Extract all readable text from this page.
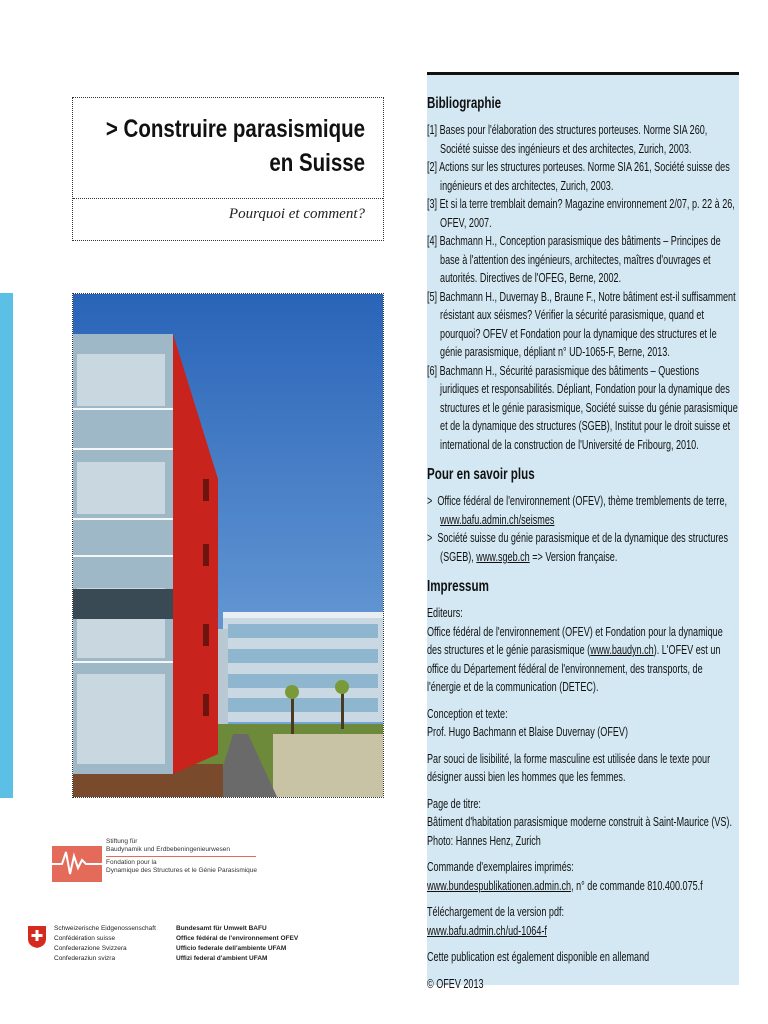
> Construire parasismique
en Suisse
Pourquoi et comment?
Stiftung für
Baudynamik und Erdbebeningenieurwesen
Fondation pour la
Dynamique des Structures et le Génie Parasismique
Schweizerische Eidgenossenschaft
Confédération suisse
Confederazione Svizzera
Confederaziun svizra
Bundesamt für Umwelt BAFU
Office fédéral de l'environnement OFEV
Ufficio federale dell'ambiente UFAM
Uffizi federal d'ambient UFAM
Bibliographie
[1] Bases pour l'élaboration des structures porteuses. Norme SIA 260, Société suisse des ingénieurs et des architectes, Zurich, 2003.
[2] Actions sur les structures porteuses. Norme SIA 261, Société suisse des ingénieurs et des architectes, Zurich, 2003.
[3] Et si la terre tremblait demain? Magazine environnement 2/07, p. 22 à 26, OFEV, 2007.
[4] Bachmann H., Conception parasismique des bâtiments – Principes de base à l'attention des ingénieurs, architectes, maîtres d'ouvrages et autorités. Directives de l'OFEG, Berne, 2002.
[5] Bachmann H., Duvernay B., Braune F., Notre bâtiment est-il suffisamment résistant aux séismes? Vérifier la sécurité parasismique, quand et pourquoi? OFEV et Fondation pour la dynamique des structures et le génie parasismique, dépliant n° UD-1065-F, Berne, 2013.
[6] Bachmann H., Sécurité parasismique des bâtiments – Questions juridiques et responsabilités. Dépliant, Fondation pour la dynamique des structures et le génie parasismique, Société suisse du génie parasismique et de la dynamique des structures (SGEB), Institut pour le droit suisse et international de la construction de l'Université de Fribourg, 2010.
Pour en savoir plus
>  Office fédéral de l'environnement (OFEV), thème tremblements de terre, www.bafu.admin.ch/seismes
>  Société suisse du génie parasismique et de la dynamique des structures (SGEB), www.sgeb.ch => Version française.
Impressum

Editeurs:
Office fédéral de l'environnement (OFEV) et Fondation pour la dynamique des structures et le génie parasismique (www.baudyn.ch). L'OFEV est un office du Département fédéral de l'environnement, des transports, de l'énergie et de la communication (DETEC).

Conception et texte:
Prof. Hugo Bachmann et Blaise Duvernay (OFEV)

Par souci de lisibilité, la forme masculine est utilisée dans le texte pour désigner aussi bien les hommes que les femmes.

Page de titre:
Bâtiment d'habitation parasismique moderne construit à Saint-Maurice (VS).
Photo: Hannes Henz, Zurich

Commande d'exemplaires imprimés:
www.bundespublikationen.admin.ch, n° de commande 810.400.075.f

Téléchargement de la version pdf:
www.bafu.admin.ch/ud-1064-f

Cette publication est également disponible en allemand

© OFEV 2013
